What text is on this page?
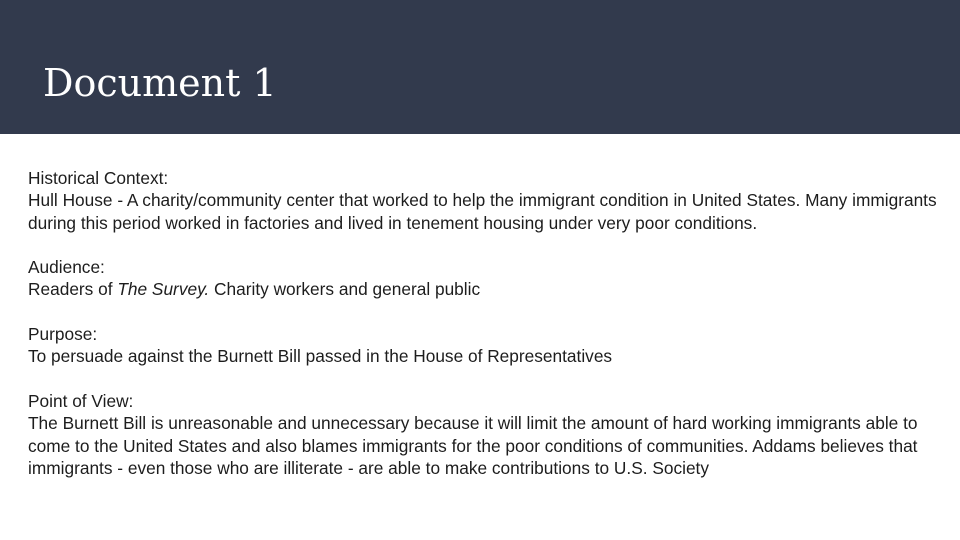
Document 1
Historical Context:
Hull House - A charity/community center that worked to help the immigrant condition in United States. Many immigrants during this period worked in factories and lived in tenement housing under very poor conditions.
Audience:
Readers of The Survey. Charity workers and general public
Purpose:
To persuade against the Burnett Bill passed in the House of Representatives
Point of View:
The Burnett Bill is unreasonable and unnecessary because it will limit the amount of hard working immigrants able to come to the United States and also blames immigrants for the poor conditions of communities. Addams believes that immigrants - even those who are illiterate - are able to make contributions to U.S. Society
